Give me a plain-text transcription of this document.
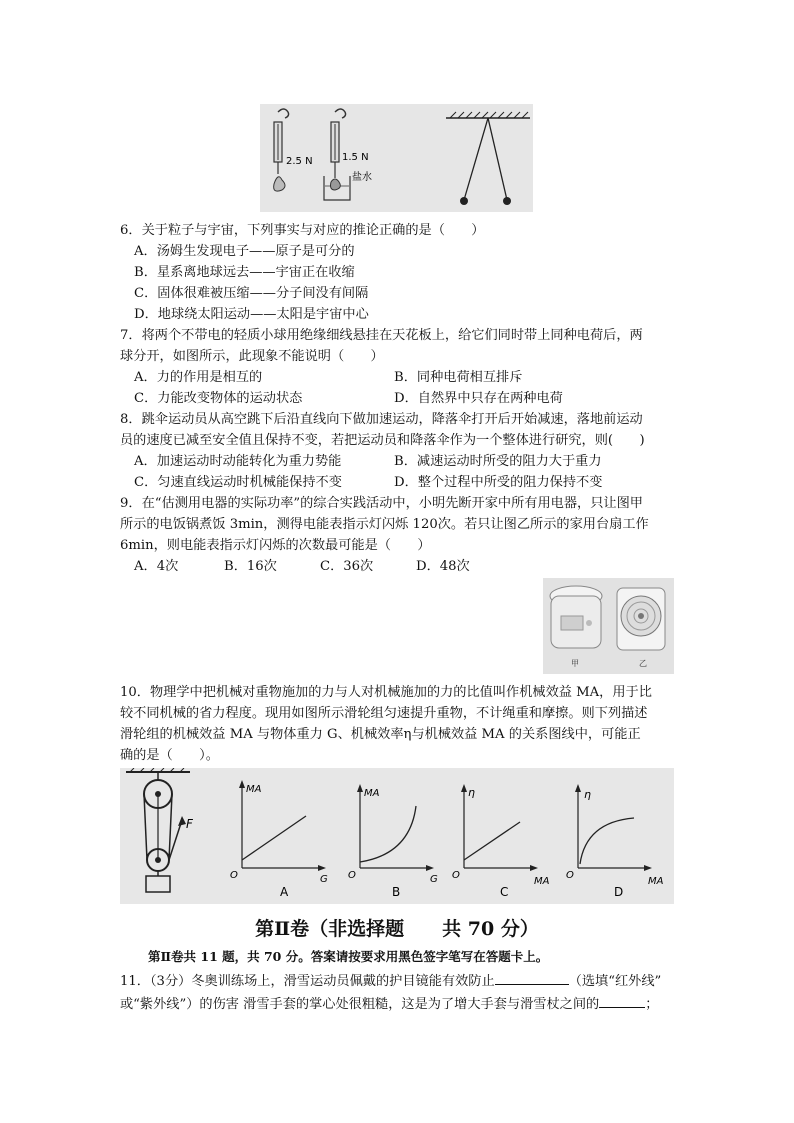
2.5 N	1.5 N
盐水
6．关于粒子与宇宙，下列事实与对应的推论正确的是（　　）
A．汤姆生发现电子——原子是可分的
B．星系离地球远去——宇宙正在收缩
C．固体很难被压缩——分子间没有间隔
D．地球绕太阳运动——太阳是宇宙中心
7．将两个不带电的轻质小球用绝缘细线悬挂在天花板上，给它们同时带上同种电荷后，两
球分开，如图所示，此现象不能说明（　　）
A．力的作用是相互的	B．同种电荷相互排斥
C．力能改变物体的运动状态	D．自然界中只存在两种电荷
8．跳伞运动员从高空跳下后沿直线向下做加速运动，降落伞打开后开始减速，落地前运动
员的速度已减至安全值且保持不变，若把运动员和降落伞作为一个整体进行研究，则(　　)
A．加速运动时动能转化为重力势能	B．减速运动时所受的阻力大于重力
C．匀速直线运动时机械能保持不变	D．整个过程中所受的阻力保持不变
9．在“估测用电器的实际功率”的综合实践活动中，小明先断开家中所有用电器，只让图甲
所示的电饭锅煮饭 3min，测得电能表指示灯闪烁 120次。若只让图乙所示的家用台扇工作
6min，则电能表指示灯闪烁的次数最可能是（　　）
A．4次	B．16次	C．36次	D．48次
甲	乙
10．物理学中把机械对重物施加的力与人对机械施加的力的比值叫作机械效益 MA，用于比
较不同机械的省力程度。现用如图所示滑轮组匀速提升重物，不计绳重和摩擦。则下列描述
滑轮组的机械效益 MA 与物体重力 G、机械效率η与机械效益 MA 的关系图线中，可能正
确的是（　　）。
F
MA
O	G
A
MA
O	G
B
η
O
MA
C
η
O
MA
D
第Ⅱ卷（非选择题　　共 70 分）
第Ⅱ卷共 11 题，共 70 分。答案请按要求用黑色签字笔写在答题卡上。
11．（3分）冬奥训练场上，滑雪运动员佩戴的护目镜能有效防止	（选填“红外线”
或“紫外线”）的伤害 滑雪手套的掌心处很粗糙，这是为了增大手套与滑雪杖之间的	；
